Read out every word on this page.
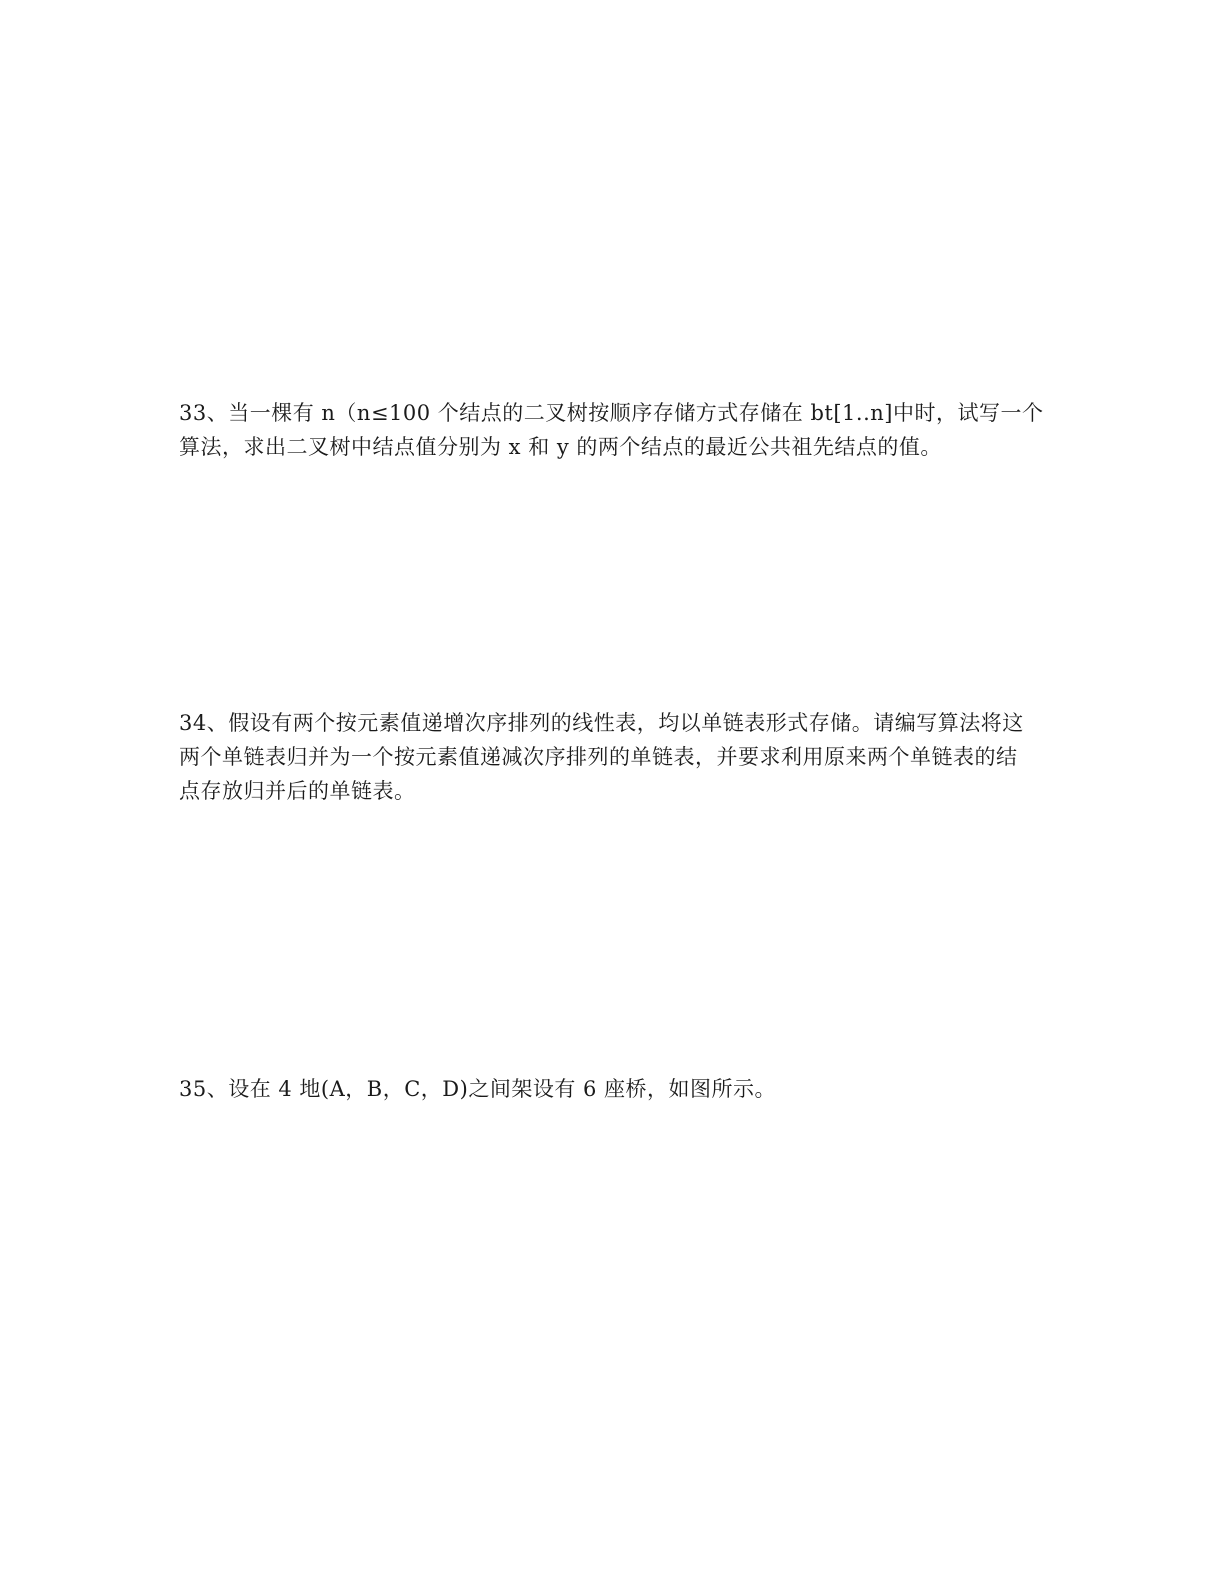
33、当一棵有 n（n≤100 个结点的二叉树按顺序存储方式存储在 bt[1..n]中时，试写一个
算法，求出二叉树中结点值分别为 x 和 y 的两个结点的最近公共祖先结点的值。
34、假设有两个按元素值递增次序排列的线性表，均以单链表形式存储。请编写算法将这
两个单链表归并为一个按元素值递减次序排列的单链表，并要求利用原来两个单链表的结
点存放归并后的单链表。
35、设在 4 地(A，B，C，D)之间架设有 6 座桥，如图所示。
